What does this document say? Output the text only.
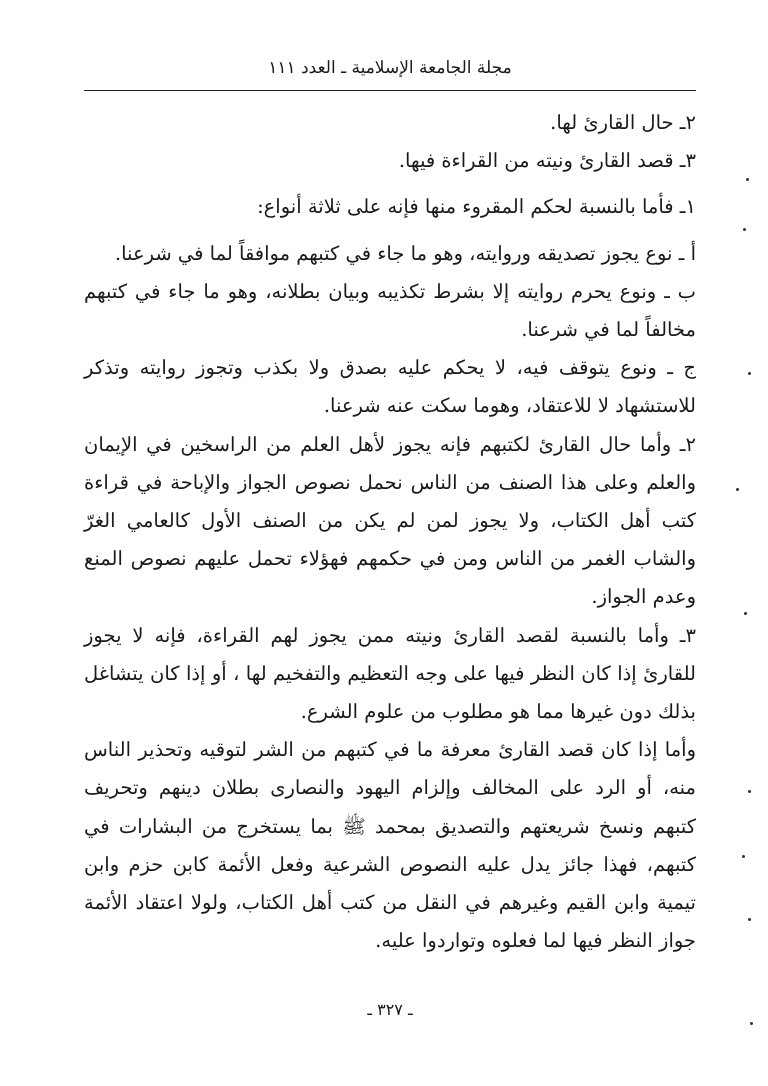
مجلة الجامعة الإسلامية ـ العدد ١١١

٢ـ حال القارئ لها.

٣ـ قصد القارئ ونيته من القراءة فيها.

١ـ فأما بالنسبة لحكم المقروء منها فإنه على ثلاثة أنواع:

أ ـ نوع يجوز تصديقه وروايته، وهو ما جاء في كتبهم موافقاً لما في شرعنا.

ب ـ ونوع يحرم روايته إلا بشرط تكذيبه وبيان بطلانه، وهو ما جاء في كتبهم مخالفاً لما في شرعنا.

ج ـ ونوع يتوقف فيه، لا يحكم عليه بصدق ولا بكذب وتجوز روايته وتذكر للاستشهاد لا للاعتقاد، وهوما سكت عنه شرعنا.

٢ـ وأما حال القارئ لكتبهم فإنه يجوز لأهل العلم من الراسخين في الإيمان والعلم وعلى هذا الصنف من الناس نحمل نصوص الجواز والإباحة في قراءة كتب أهل الكتاب، ولا يجوز لمن لم يكن من الصنف الأول كالعامي الغرّ والشاب الغمر من الناس ومن في حكمهم فهؤلاء تحمل عليهم نصوص المنع وعدم الجواز.

٣ـ وأما بالنسبة لقصد القارئ ونيته ممن يجوز لهم القراءة، فإنه لا يجوز للقارئ إذا كان النظر فيها على وجه التعظيم والتفخيم لها ، أو إذا كان يتشاغل بذلك دون غيرها مما هو مطلوب من علوم الشرع.

وأما إذا كان قصد القارئ معرفة ما في كتبهم من الشر لتوقيه وتحذير الناس منه، أو الرد على المخالف وإلزام اليهود والنصارى بطلان دينهم وتحريف كتبهم ونسخ شريعتهم والتصديق بمحمد ﷺ بما يستخرج من البشارات في كتبهم، فهذا جائز يدل عليه النصوص الشرعية وفعل الأئمة كابن حزم وابن تيمية وابن القيم وغيرهم في النقل من كتب أهل الكتاب، ولولا اعتقاد الأئمة جواز النظر فيها لما فعلوه وتواردوا عليه.

ـ ٣٢٧ ـ
